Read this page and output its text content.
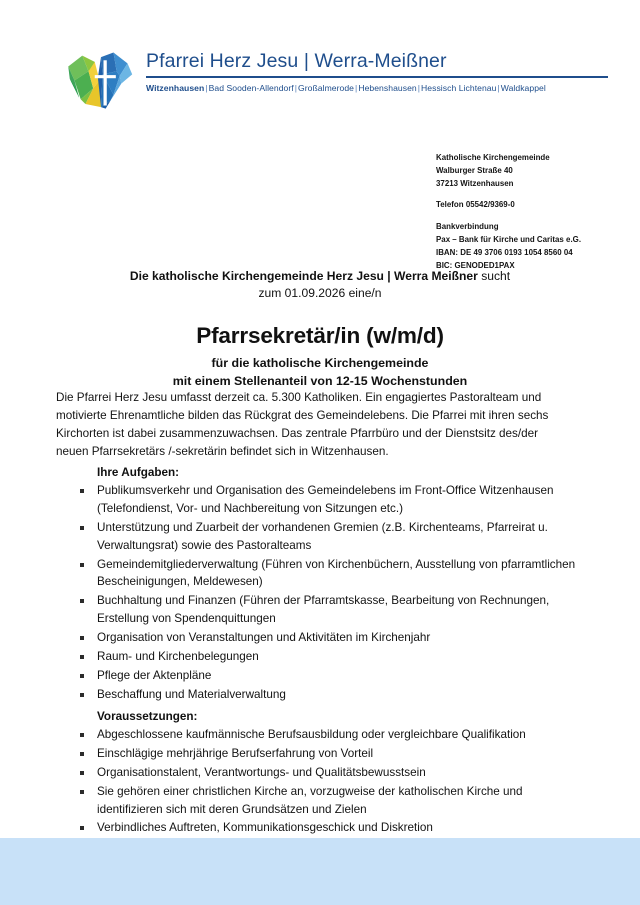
Pfarrei Herz Jesu | Werra-Meißner
Witzenhausen|Bad Sooden-Allendorf|Großalmerode|Hebenshausen|Hessisch Lichtenau|Waldkappel
Katholische Kirchengemeinde
Walburger Straße 40
37213 Witzenhausen
Telefon 05542/9369-0
Bankverbindung
Pax – Bank für Kirche und Caritas e.G.
IBAN: DE 49 3706 0193 1054 8560 04
BIC: GENODED1PAX
Die katholische Kirchengemeinde Herz Jesu | Werra Meißner sucht
zum 01.09.2026 eine/n
Pfarrsekretär/in (w/m/d)
für die katholische Kirchengemeinde
mit einem Stellenanteil von 12-15 Wochenstunden
Die Pfarrei Herz Jesu umfasst derzeit ca. 5.300 Katholiken. Ein engagiertes Pastoralteam und motivierte Ehrenamtliche bilden das Rückgrat des Gemeindelebens. Die Pfarrei mit ihren sechs Kirchorten ist dabei zusammenzuwachsen. Das zentrale Pfarrbüro und der Dienstsitz des/der neuen Pfarrsekretärs /-sekretärin befindet sich in Witzenhausen.
Ihre Aufgaben:
Publikumsverkehr und Organisation des Gemeindelebens im Front-Office Witzenhausen (Telefondienst, Vor- und Nachbereitung von Sitzungen etc.)
Unterstützung und Zuarbeit der vorhandenen Gremien (z.B. Kirchenteams, Pfarreirat u. Verwaltungsrat) sowie des Pastoralteams
Gemeindemitgliederverwaltung (Führen von Kirchenbüchern, Ausstellung von pfarramtlichen Bescheinigungen, Meldewesen)
Buchhaltung und Finanzen (Führen der Pfarramtskasse, Bearbeitung von Rechnungen, Erstellung von Spendenquittungen
Organisation von Veranstaltungen und Aktivitäten im Kirchenjahr
Raum- und Kirchenbelegungen
Pflege der Aktenpläne
Beschaffung und Materialverwaltung
Voraussetzungen:
Abgeschlossene kaufmännische Berufsausbildung oder vergleichbare Qualifikation
Einschlägige mehrjährige Berufserfahrung von Vorteil
Organisationstalent, Verantwortungs- und Qualitätsbewusstsein
Sie gehören einer christlichen Kirche an, vorzugweise der katholischen Kirche und identifizieren sich mit deren Grundsätzen und Zielen
Verbindliches Auftreten, Kommunikationsgeschick und Diskretion
